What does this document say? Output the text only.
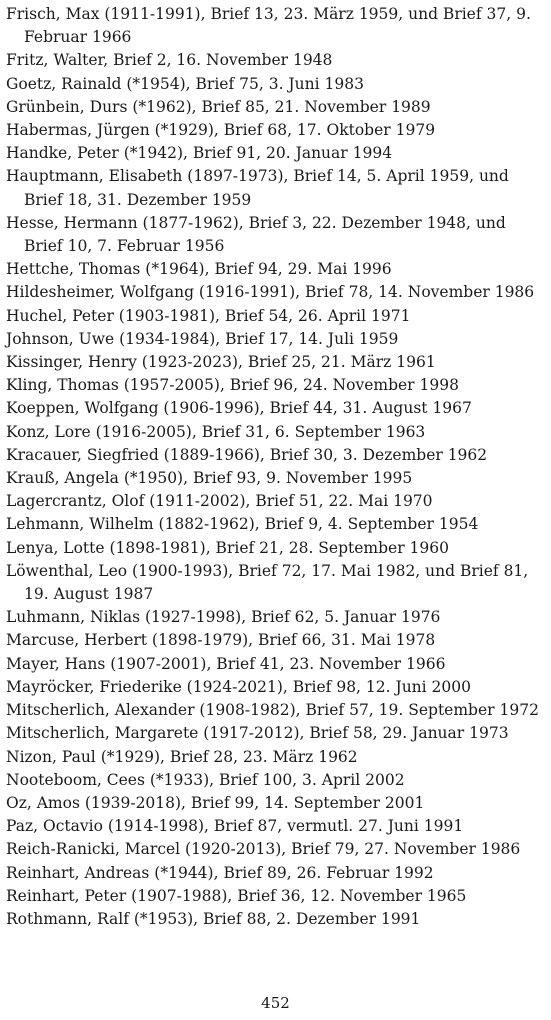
Frisch, Max (1911-1991), Brief 13, 23. März 1959, und Brief 37, 9. Februar 1966
Fritz, Walter, Brief 2, 16. November 1948
Goetz, Rainald (*1954), Brief 75, 3. Juni 1983
Grünbein, Durs (*1962), Brief 85, 21. November 1989
Habermas, Jürgen (*1929), Brief 68, 17. Oktober 1979
Handke, Peter (*1942), Brief 91, 20. Januar 1994
Hauptmann, Elisabeth (1897-1973), Brief 14, 5. April 1959, und Brief 18, 31. Dezember 1959
Hesse, Hermann (1877-1962), Brief 3, 22. Dezember 1948, und Brief 10, 7. Februar 1956
Hettche, Thomas (*1964), Brief 94, 29. Mai 1996
Hildesheimer, Wolfgang (1916-1991), Brief 78, 14. November 1986
Huchel, Peter (1903-1981), Brief 54, 26. April 1971
Johnson, Uwe (1934-1984), Brief 17, 14. Juli 1959
Kissinger, Henry (1923-2023), Brief 25, 21. März 1961
Kling, Thomas (1957-2005), Brief 96, 24. November 1998
Koeppen, Wolfgang (1906-1996), Brief 44, 31. August 1967
Konz, Lore (1916-2005), Brief 31, 6. September 1963
Kracauer, Siegfried (1889-1966), Brief 30, 3. Dezember 1962
Krauß, Angela (*1950), Brief 93, 9. November 1995
Lagercrantz, Olof (1911-2002), Brief 51, 22. Mai 1970
Lehmann, Wilhelm (1882-1962), Brief 9, 4. September 1954
Lenya, Lotte (1898-1981), Brief 21, 28. September 1960
Löwenthal, Leo (1900-1993), Brief 72, 17. Mai 1982, und Brief 81, 19. August 1987
Luhmann, Niklas (1927-1998), Brief 62, 5. Januar 1976
Marcuse, Herbert (1898-1979), Brief 66, 31. Mai 1978
Mayer, Hans (1907-2001), Brief 41, 23. November 1966
Mayröcker, Friederike (1924-2021), Brief 98, 12. Juni 2000
Mitscherlich, Alexander (1908-1982), Brief 57, 19. September 1972
Mitscherlich, Margarete (1917-2012), Brief 58, 29. Januar 1973
Nizon, Paul (*1929), Brief 28, 23. März 1962
Nooteboom, Cees (*1933), Brief 100, 3. April 2002
Oz, Amos (1939-2018), Brief 99, 14. September 2001
Paz, Octavio (1914-1998), Brief 87, vermutl. 27. Juni 1991
Reich-Ranicki, Marcel (1920-2013), Brief 79, 27. November 1986
Reinhart, Andreas (*1944), Brief 89, 26. Februar 1992
Reinhart, Peter (1907-1988), Brief 36, 12. November 1965
Rothmann, Ralf (*1953), Brief 88, 2. Dezember 1991
452
